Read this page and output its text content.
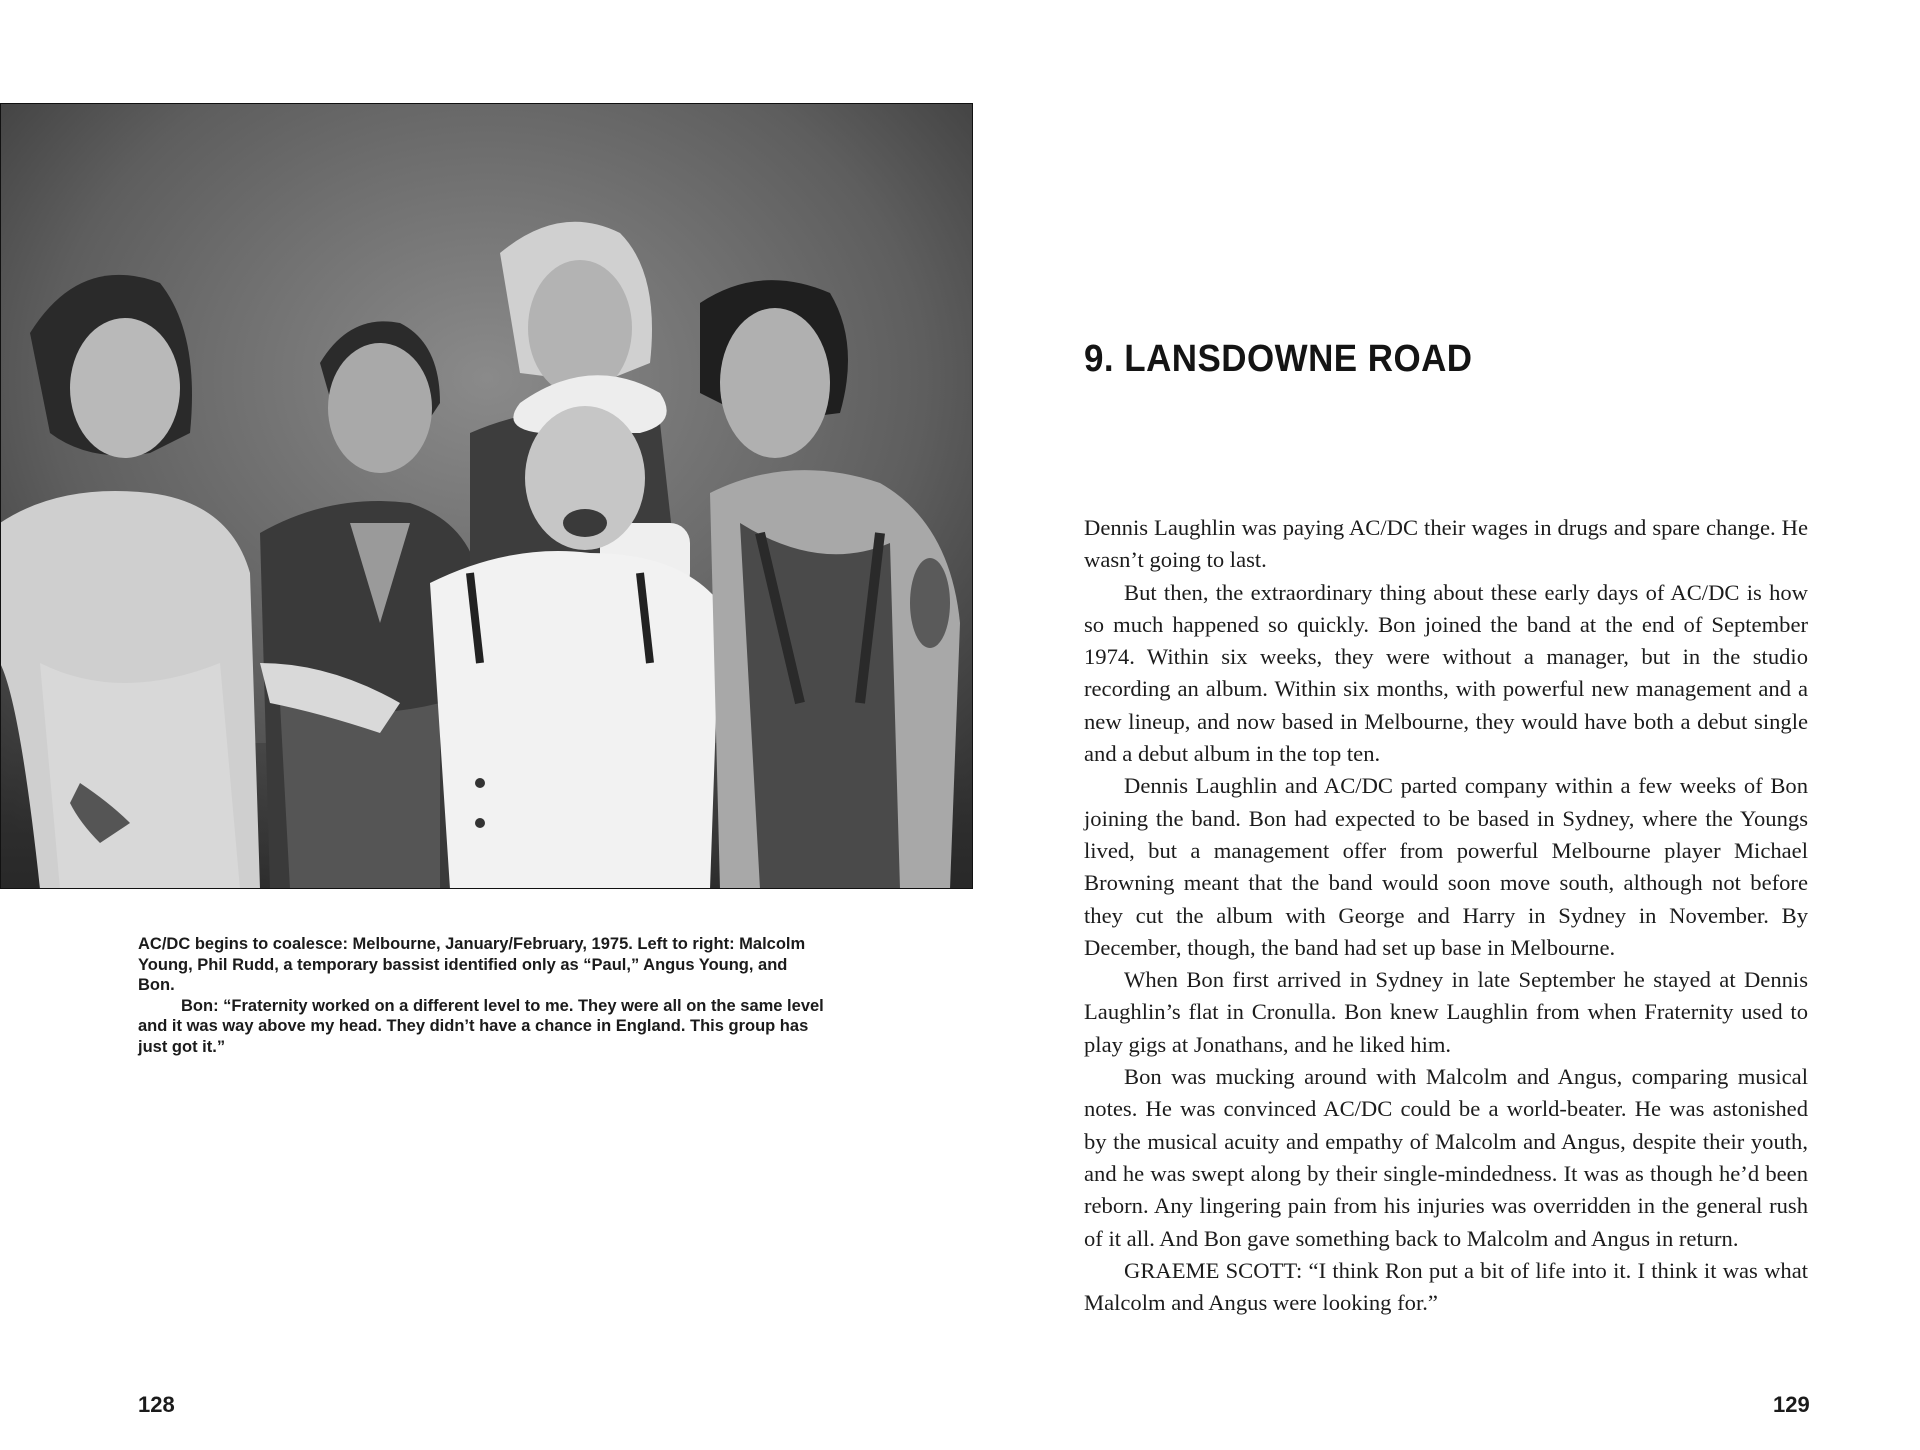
AC/DC begins to coalesce: Melbourne, January/February, 1975. Left to right: Malcolm Young, Phil Rudd, a temporary bassist identified only as “Paul,” Angus Young, and Bon.

Bon: “Fraternity worked on a different level to me. They were all on the same level and it was way above my head. They didn’t have a chance in England. This group has just got it.”

128
9. LANSDOWNE ROAD

Dennis Laughlin was paying AC/DC their wages in drugs and spare change. He wasn’t going to last.

But then, the extraordinary thing about these early days of AC/DC is how so much happened so quickly. Bon joined the band at the end of September 1974. Within six weeks, they were without a manager, but in the studio recording an album. Within six months, with powerful new management and a new lineup, and now based in Melbourne, they would have both a debut single and a debut album in the top ten.

Dennis Laughlin and AC/DC parted company within a few weeks of Bon joining the band. Bon had expected to be based in Sydney, where the Youngs lived, but a management offer from powerful Melbourne player Michael Browning meant that the band would soon move south, although not before they cut the album with George and Harry in Sydney in November. By December, though, the band had set up base in Melbourne.

When Bon first arrived in Sydney in late September he stayed at Dennis Laughlin’s flat in Cronulla. Bon knew Laughlin from when Fraternity used to play gigs at Jonathans, and he liked him.

Bon was mucking around with Malcolm and Angus, comparing musical notes. He was convinced AC/DC could be a world-beater. He was astonished by the musical acuity and empathy of Malcolm and Angus, despite their youth, and he was swept along by their single-mindedness. It was as though he’d been reborn. Any lingering pain from his injuries was overridden in the general rush of it all. And Bon gave something back to Malcolm and Angus in return.

GRAEME SCOTT: “I think Ron put a bit of life into it. I think it was what Malcolm and Angus were looking for.”

129
